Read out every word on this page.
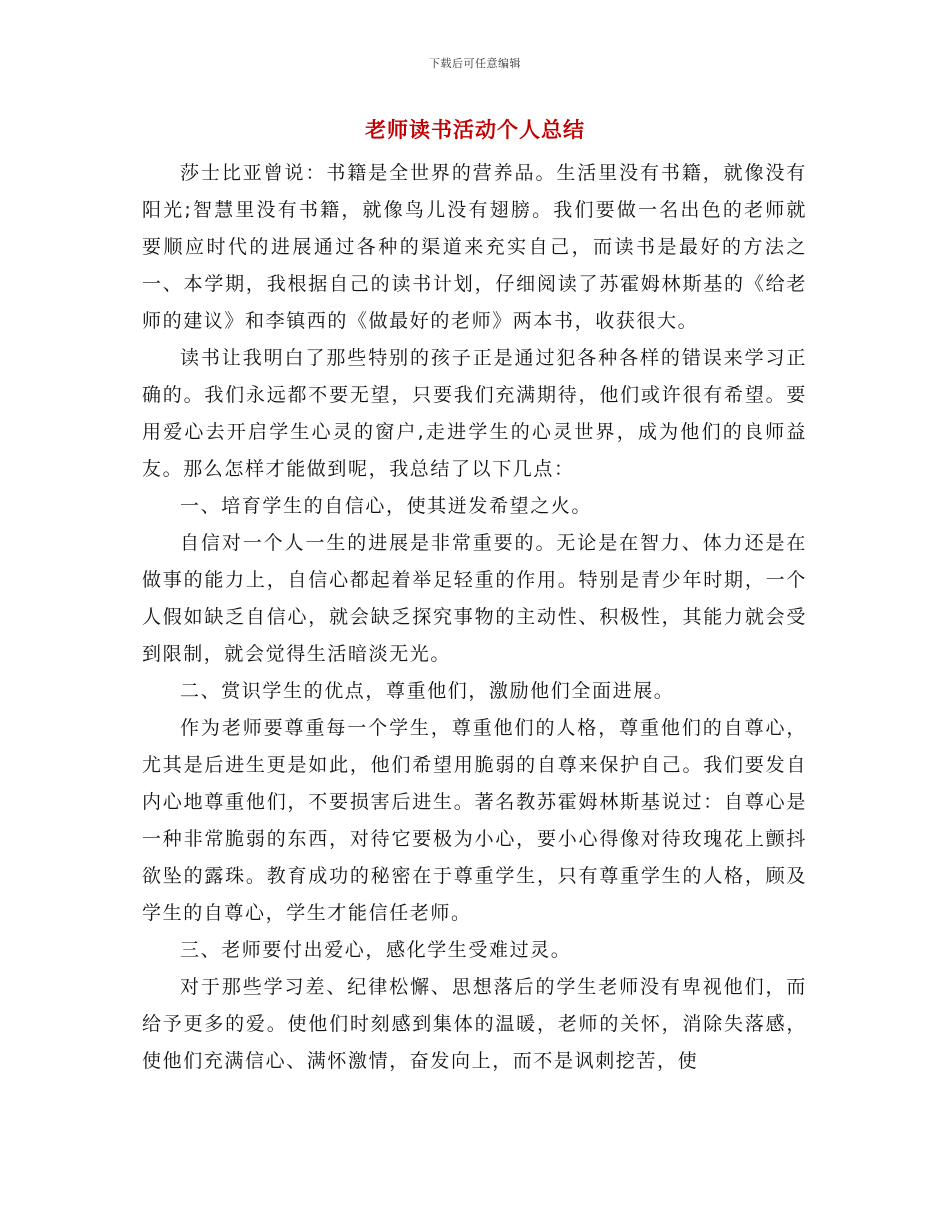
下载后可任意编辑
老师读书活动个人总结

莎士比亚曾说：书籍是全世界的营养品。生活里没有书籍，就像没有阳光;智慧里没有书籍，就像鸟儿没有翅膀。我们要做一名出色的老师就要顺应时代的进展通过各种的渠道来充实自己，而读书是最好的方法之一、本学期，我根据自己的读书计划，仔细阅读了苏霍姆林斯基的《给老师的建议》和李镇西的《做最好的老师》两本书，收获很大。

读书让我明白了那些特别的孩子正是通过犯各种各样的错误来学习正确的。我们永远都不要无望，只要我们充满期待，他们或许很有希望。要用爱心去开启学生心灵的窗户,走进学生的心灵世界，成为他们的良师益友。那么怎样才能做到呢，我总结了以下几点：

一、培育学生的自信心，使其迸发希望之火。

自信对一个人一生的进展是非常重要的。无论是在智力、体力还是在做事的能力上，自信心都起着举足轻重的作用。特别是青少年时期，一个人假如缺乏自信心，就会缺乏探究事物的主动性、积极性，其能力就会受到限制，就会觉得生活暗淡无光。

二、赏识学生的优点，尊重他们，激励他们全面进展。

作为老师要尊重每一个学生，尊重他们的人格，尊重他们的自尊心，尤其是后进生更是如此，他们希望用脆弱的自尊来保护自己。我们要发自内心地尊重他们，不要损害后进生。著名教苏霍姆林斯基说过：自尊心是一种非常脆弱的东西，对待它要极为小心，要小心得像对待玫瑰花上颤抖欲坠的露珠。教育成功的秘密在于尊重学生，只有尊重学生的人格，顾及学生的自尊心，学生才能信任老师。

三、老师要付出爱心，感化学生受难过灵。

对于那些学习差、纪律松懈、思想落后的学生老师没有卑视他们，而给予更多的爱。使他们时刻感到集体的温暖，老师的关怀，消除失落感，使他们充满信心、满怀激情，奋发向上，而不是讽刺挖苦，使
